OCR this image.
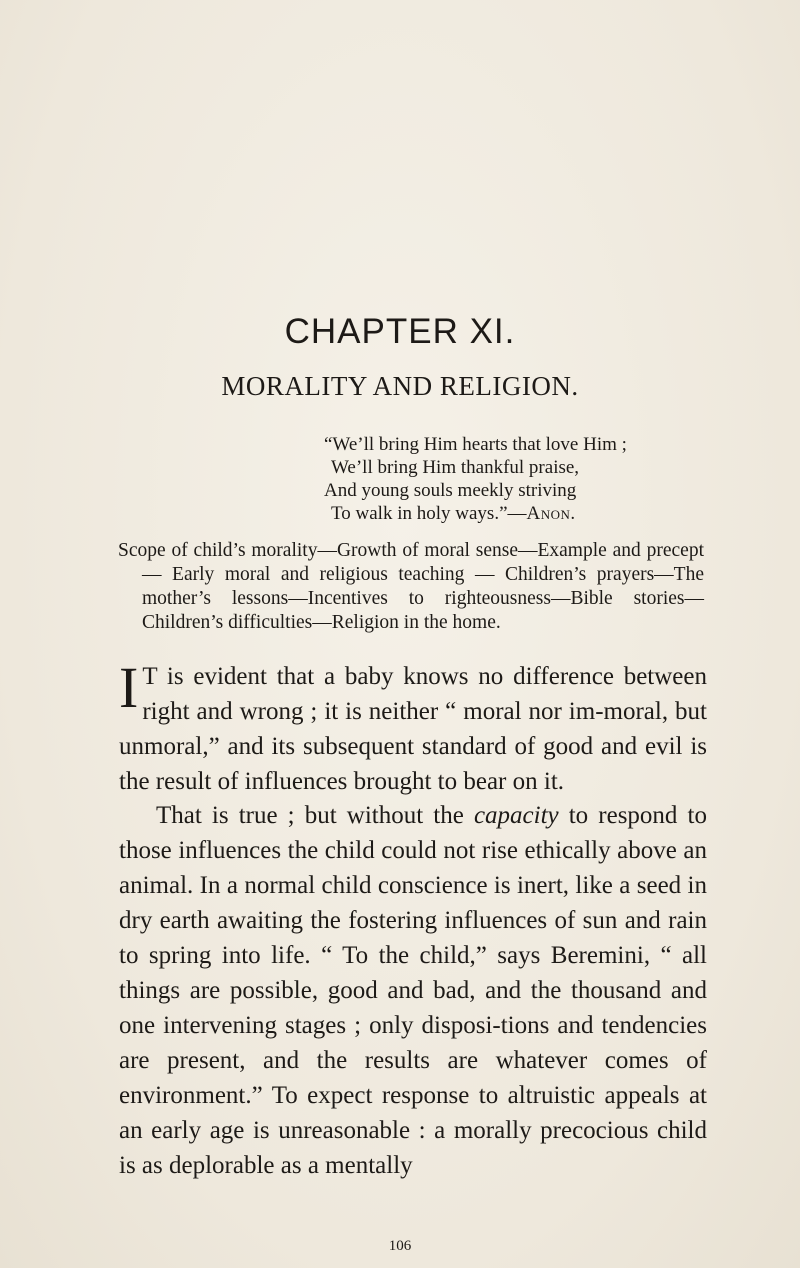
CHAPTER XI.
MORALITY AND RELIGION.
“We’ll bring Him hearts that love Him ;
We’ll bring Him thankful praise,
And young souls meekly striving
To walk in holy ways.”—Anon.

Scope of child’s morality—Growth of moral sense—Example and precept — Early moral and religious teaching — Children’s prayers—The mother’s lessons—Incentives to righteousness—Bible stories—Children’s difficulties—Religion in the home.

I T is evident that a baby knows no difference between right and wrong ; it is neither “ moral nor im-moral, but unmoral,” and its subsequent standard of good and evil is the result of influences brought to bear on it.

That is true ; but without the capacity to respond to those influences the child could not rise ethically above an animal. In a normal child conscience is inert, like a seed in dry earth awaiting the fostering influences of sun and rain to spring into life. “ To the child,” says Beremini, “ all things are possible, good and bad, and the thousand and one intervening stages ; only disposi-tions and tendencies are present, and the results are whatever comes of environment.” To expect response to altruistic appeals at an early age is unreasonable : a morally precocious child is as deplorable as a mentally

106
